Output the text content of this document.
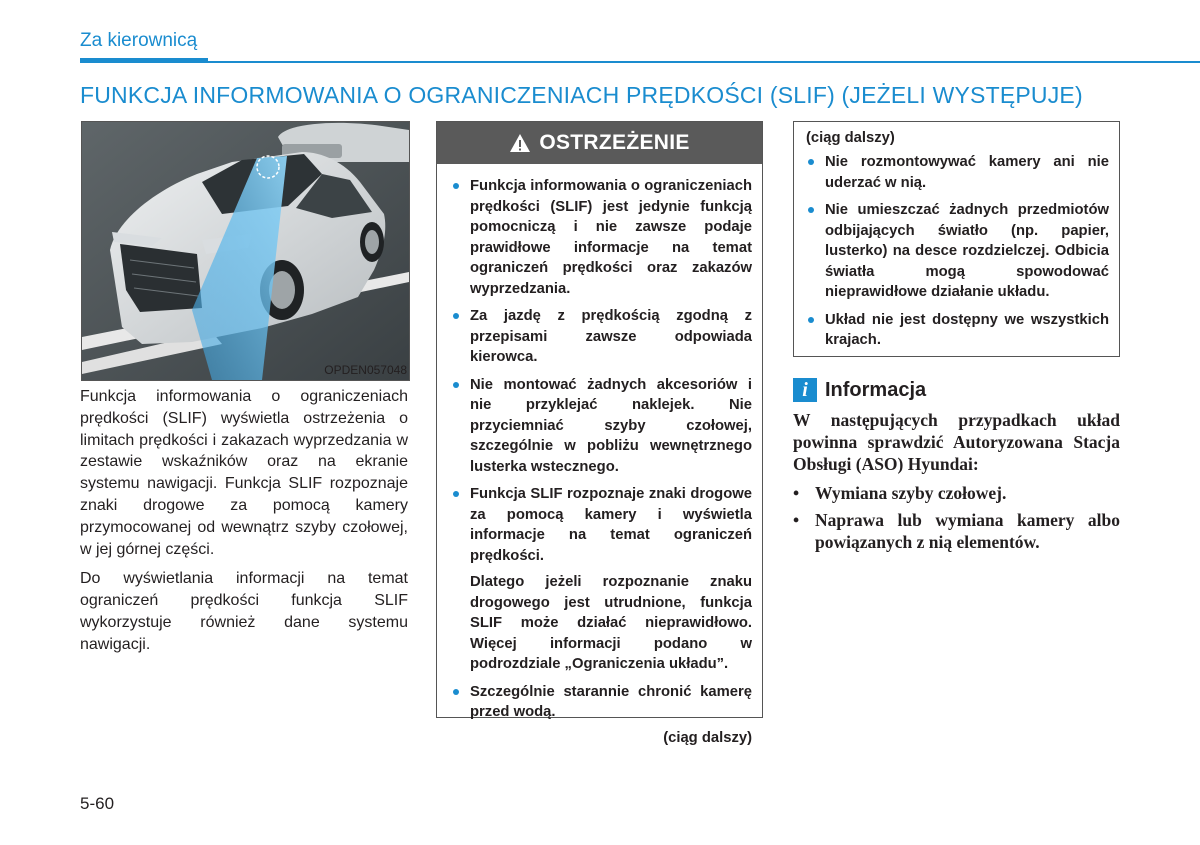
Za kierownicą
FUNKCJA INFORMOWANIA O OGRANICZENIACH PRĘDKOŚCI (SLIF) (JEŻELI WYSTĘPUJE)
OPDEN057048

Funkcja informowania o ograniczeniach prędkości (SLIF) wyświetla ostrzeżenia o limitach prędkości i zakazach wyprzedzania w zestawie wskaźników oraz na ekranie systemu nawigacji. Funkcja SLIF rozpoznaje znaki drogowe za pomocą kamery przymocowanej od wewnątrz szyby czołowej, w jej górnej części.

Do wyświetlania informacji na temat ograniczeń prędkości funkcja SLIF wykorzystuje również dane systemu nawigacji.

OSTRZEŻENIE
Funkcja informowania o ograniczeniach prędkości (SLIF) jest jedynie funkcją pomocniczą i nie zawsze podaje prawidłowe informacje na temat ograniczeń prędkości oraz zakazów wyprzedzania.
Za jazdę z prędkością zgodną z przepisami zawsze odpowiada kierowca.
Nie montować żadnych akcesoriów i nie przyklejać naklejek. Nie przyciemniać szyby czołowej, szczególnie w pobliżu wewnętrznego lusterka wstecznego.
Funkcja SLIF rozpoznaje znaki drogowe za pomocą kamery i wyświetla informacje na temat ograniczeń prędkości.
Dlatego jeżeli rozpoznanie znaku drogowego jest utrudnione, funkcja SLIF może działać nieprawidłowo. Więcej informacji podano w podrozdziale „Ograniczenia układu”.
Szczególnie starannie chronić kamerę przed wodą.
(ciąg dalszy)
(ciąg dalszy)
Nie rozmontowywać kamery ani nie uderzać w nią.
Nie umieszczać żadnych przedmiotów odbijających światło (np. papier, lusterko) na desce rozdzielczej. Odbicia światła mogą spowodować nieprawidłowe działanie układu.
Układ nie jest dostępny we wszystkich krajach.
i Informacja

W następujących przypadkach układ powinna sprawdzić Autoryzowana Stacja Obsługi (ASO) Hyundai:

• Wymiana szyby czołowej.
• Naprawa lub wymiana kamery albo powiązanych z nią elementów.
5-60
